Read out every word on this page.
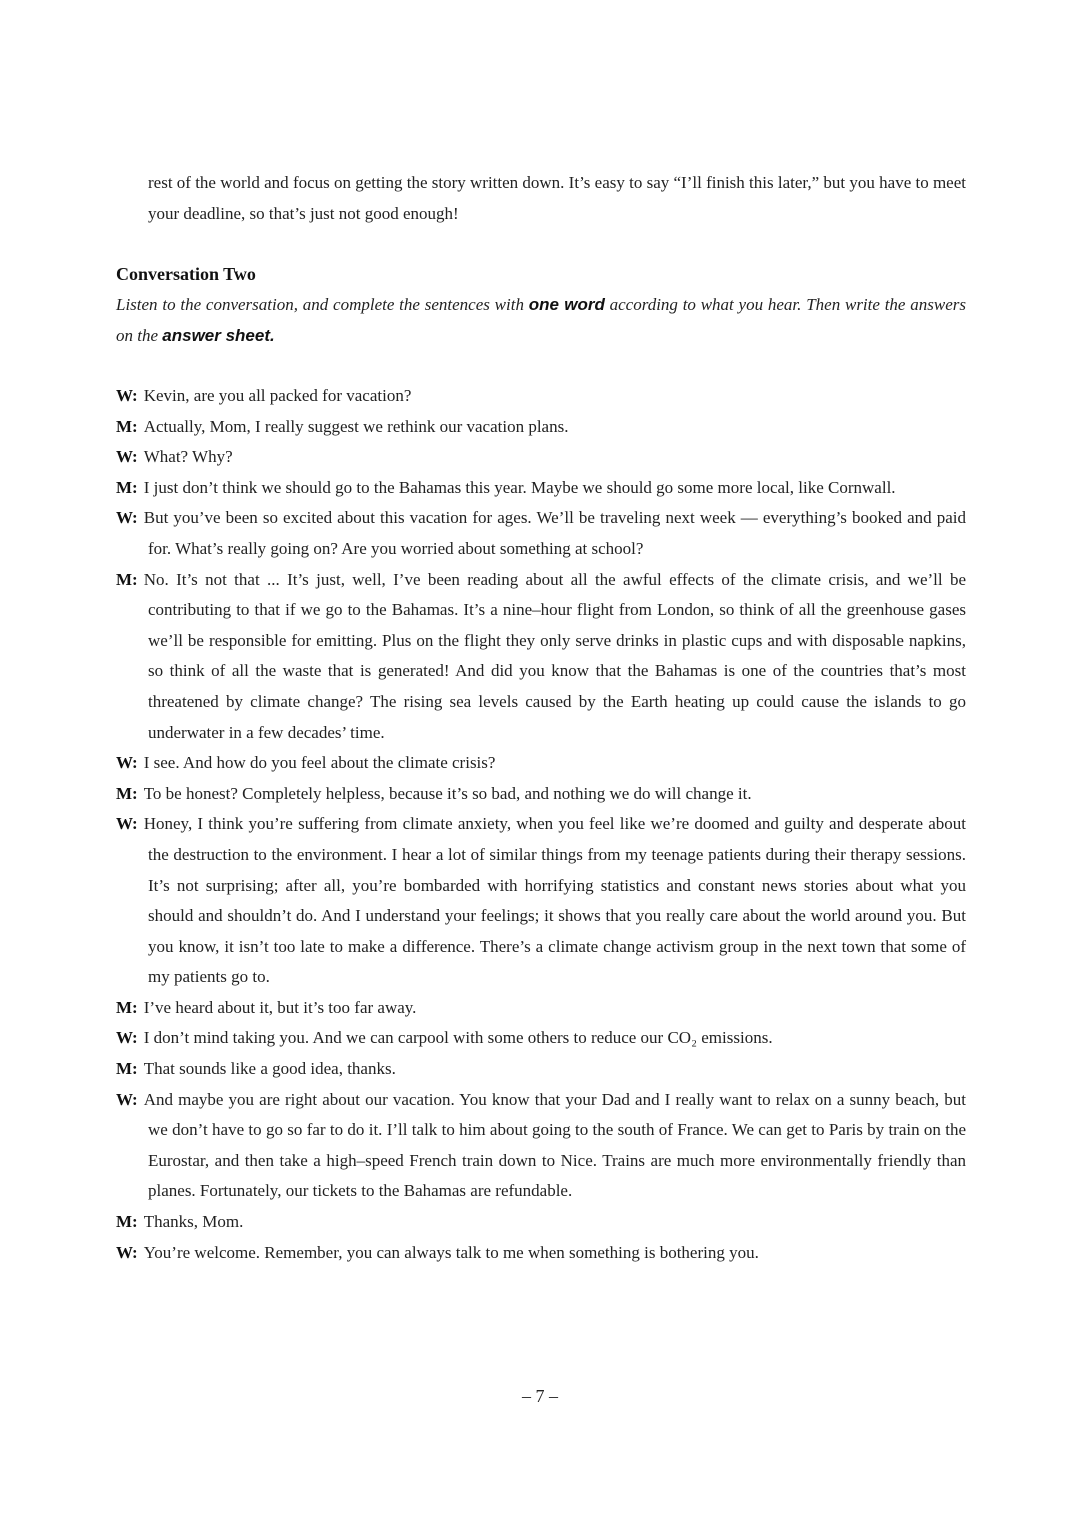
rest of the world and focus on getting the story written down. It’s easy to say “I’ll finish this later,” but you have to meet your deadline, so that’s just not good enough!
Conversation Two
Listen to the conversation, and complete the sentences with one word according to what you hear. Then write the answers on the answer sheet.
W: Kevin, are you all packed for vacation?
M: Actually, Mom, I really suggest we rethink our vacation plans.
W: What? Why?
M: I just don’t think we should go to the Bahamas this year. Maybe we should go some more local, like Cornwall.
W: But you’ve been so excited about this vacation for ages. We’ll be traveling next week — everything’s booked and paid for. What’s really going on? Are you worried about something at school?
M: No. It’s not that ... It’s just, well, I’ve been reading about all the awful effects of the climate crisis, and we’ll be contributing to that if we go to the Bahamas. It’s a nine–hour flight from London, so think of all the greenhouse gases we’ll be responsible for emitting. Plus on the flight they only serve drinks in plastic cups and with disposable napkins, so think of all the waste that is generated! And did you know that the Bahamas is one of the countries that’s most threatened by climate change? The rising sea levels caused by the Earth heating up could cause the islands to go underwater in a few decades’ time.
W: I see. And how do you feel about the climate crisis?
M: To be honest? Completely helpless, because it’s so bad, and nothing we do will change it.
W: Honey, I think you’re suffering from climate anxiety, when you feel like we’re doomed and guilty and desperate about the destruction to the environment. I hear a lot of similar things from my teenage patients during their therapy sessions. It’s not surprising; after all, you’re bombarded with horrifying statistics and constant news stories about what you should and shouldn’t do. And I understand your feelings; it shows that you really care about the world around you. But you know, it isn’t too late to make a difference. There’s a climate change activism group in the next town that some of my patients go to.
M: I’ve heard about it, but it’s too far away.
W: I don’t mind taking you. And we can carpool with some others to reduce our CO₂ emissions.
M: That sounds like a good idea, thanks.
W: And maybe you are right about our vacation. You know that your Dad and I really want to relax on a sunny beach, but we don’t have to go so far to do it. I’ll talk to him about going to the south of France. We can get to Paris by train on the Eurostar, and then take a high–speed French train down to Nice. Trains are much more environmentally friendly than planes. Fortunately, our tickets to the Bahamas are refundable.
M: Thanks, Mom.
W: You’re welcome. Remember, you can always talk to me when something is bothering you.
– 7 –
